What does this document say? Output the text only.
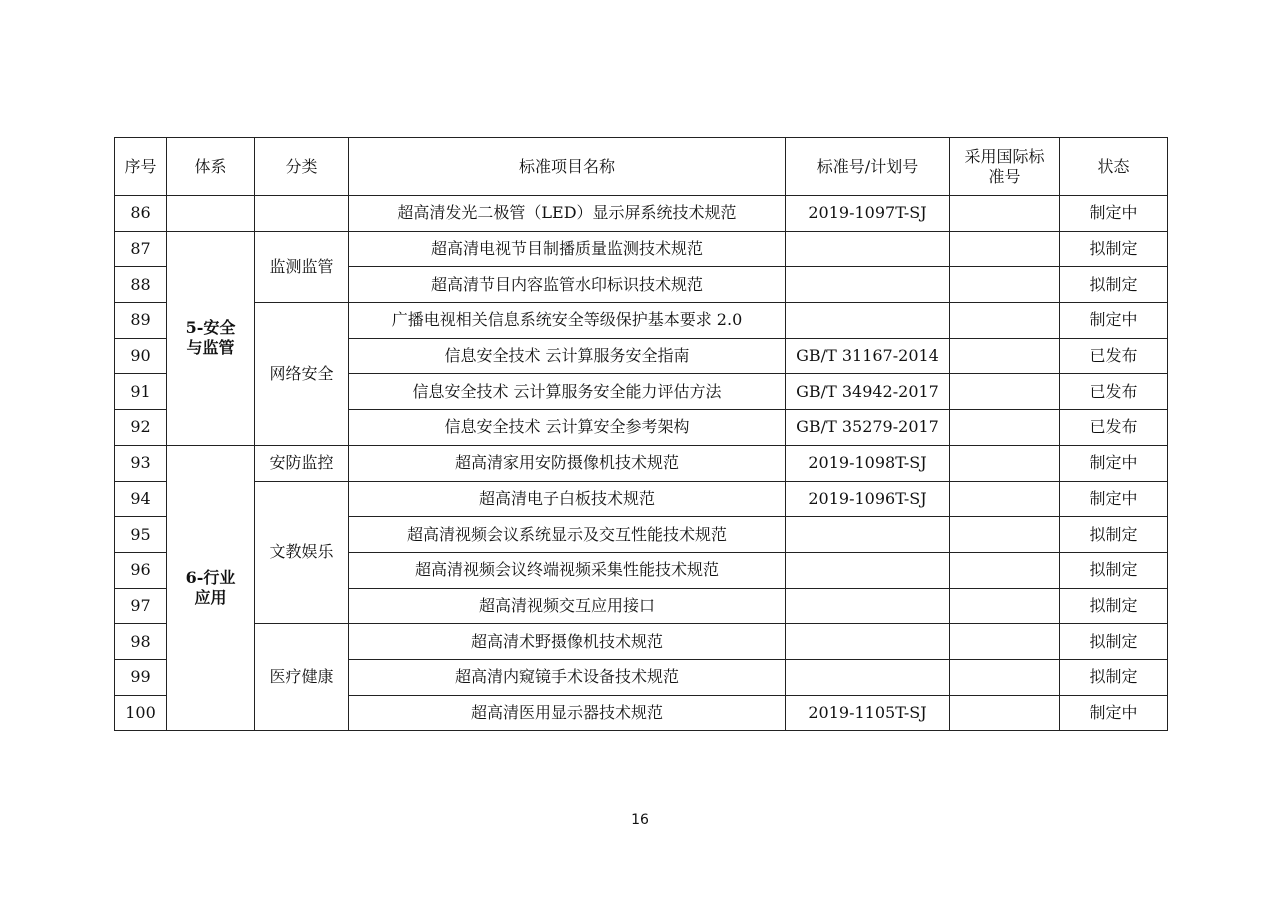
序号	体系	分类	标准项目名称	标准号/计划号	采用国际标准号	状态
86			超高清发光二极管（LED）显示屏系统技术规范	2019-1097T-SJ		制定中
87	5-安全与监管	监测监管	超高清电视节目制播质量监测技术规范			拟制定
88			超高清节目内容监管水印标识技术规范			拟制定
89		网络安全	广播电视相关信息系统安全等级保护基本要求 2.0			制定中
90			信息安全技术 云计算服务安全指南	GB/T 31167-2014		已发布
91			信息安全技术 云计算服务安全能力评估方法	GB/T 34942-2017		已发布
92			信息安全技术 云计算安全参考架构	GB/T 35279-2017		已发布
93	6-行业应用	安防监控	超高清家用安防摄像机技术规范	2019-1098T-SJ		制定中
94		文教娱乐	超高清电子白板技术规范	2019-1096T-SJ		制定中
95			超高清视频会议系统显示及交互性能技术规范			拟制定
96			超高清视频会议终端视频采集性能技术规范			拟制定
97			超高清视频交互应用接口			拟制定
98		医疗健康	超高清术野摄像机技术规范			拟制定
99			超高清内窥镜手术设备技术规范			拟制定
100			超高清医用显示器技术规范	2019-1105T-SJ		制定中
16
